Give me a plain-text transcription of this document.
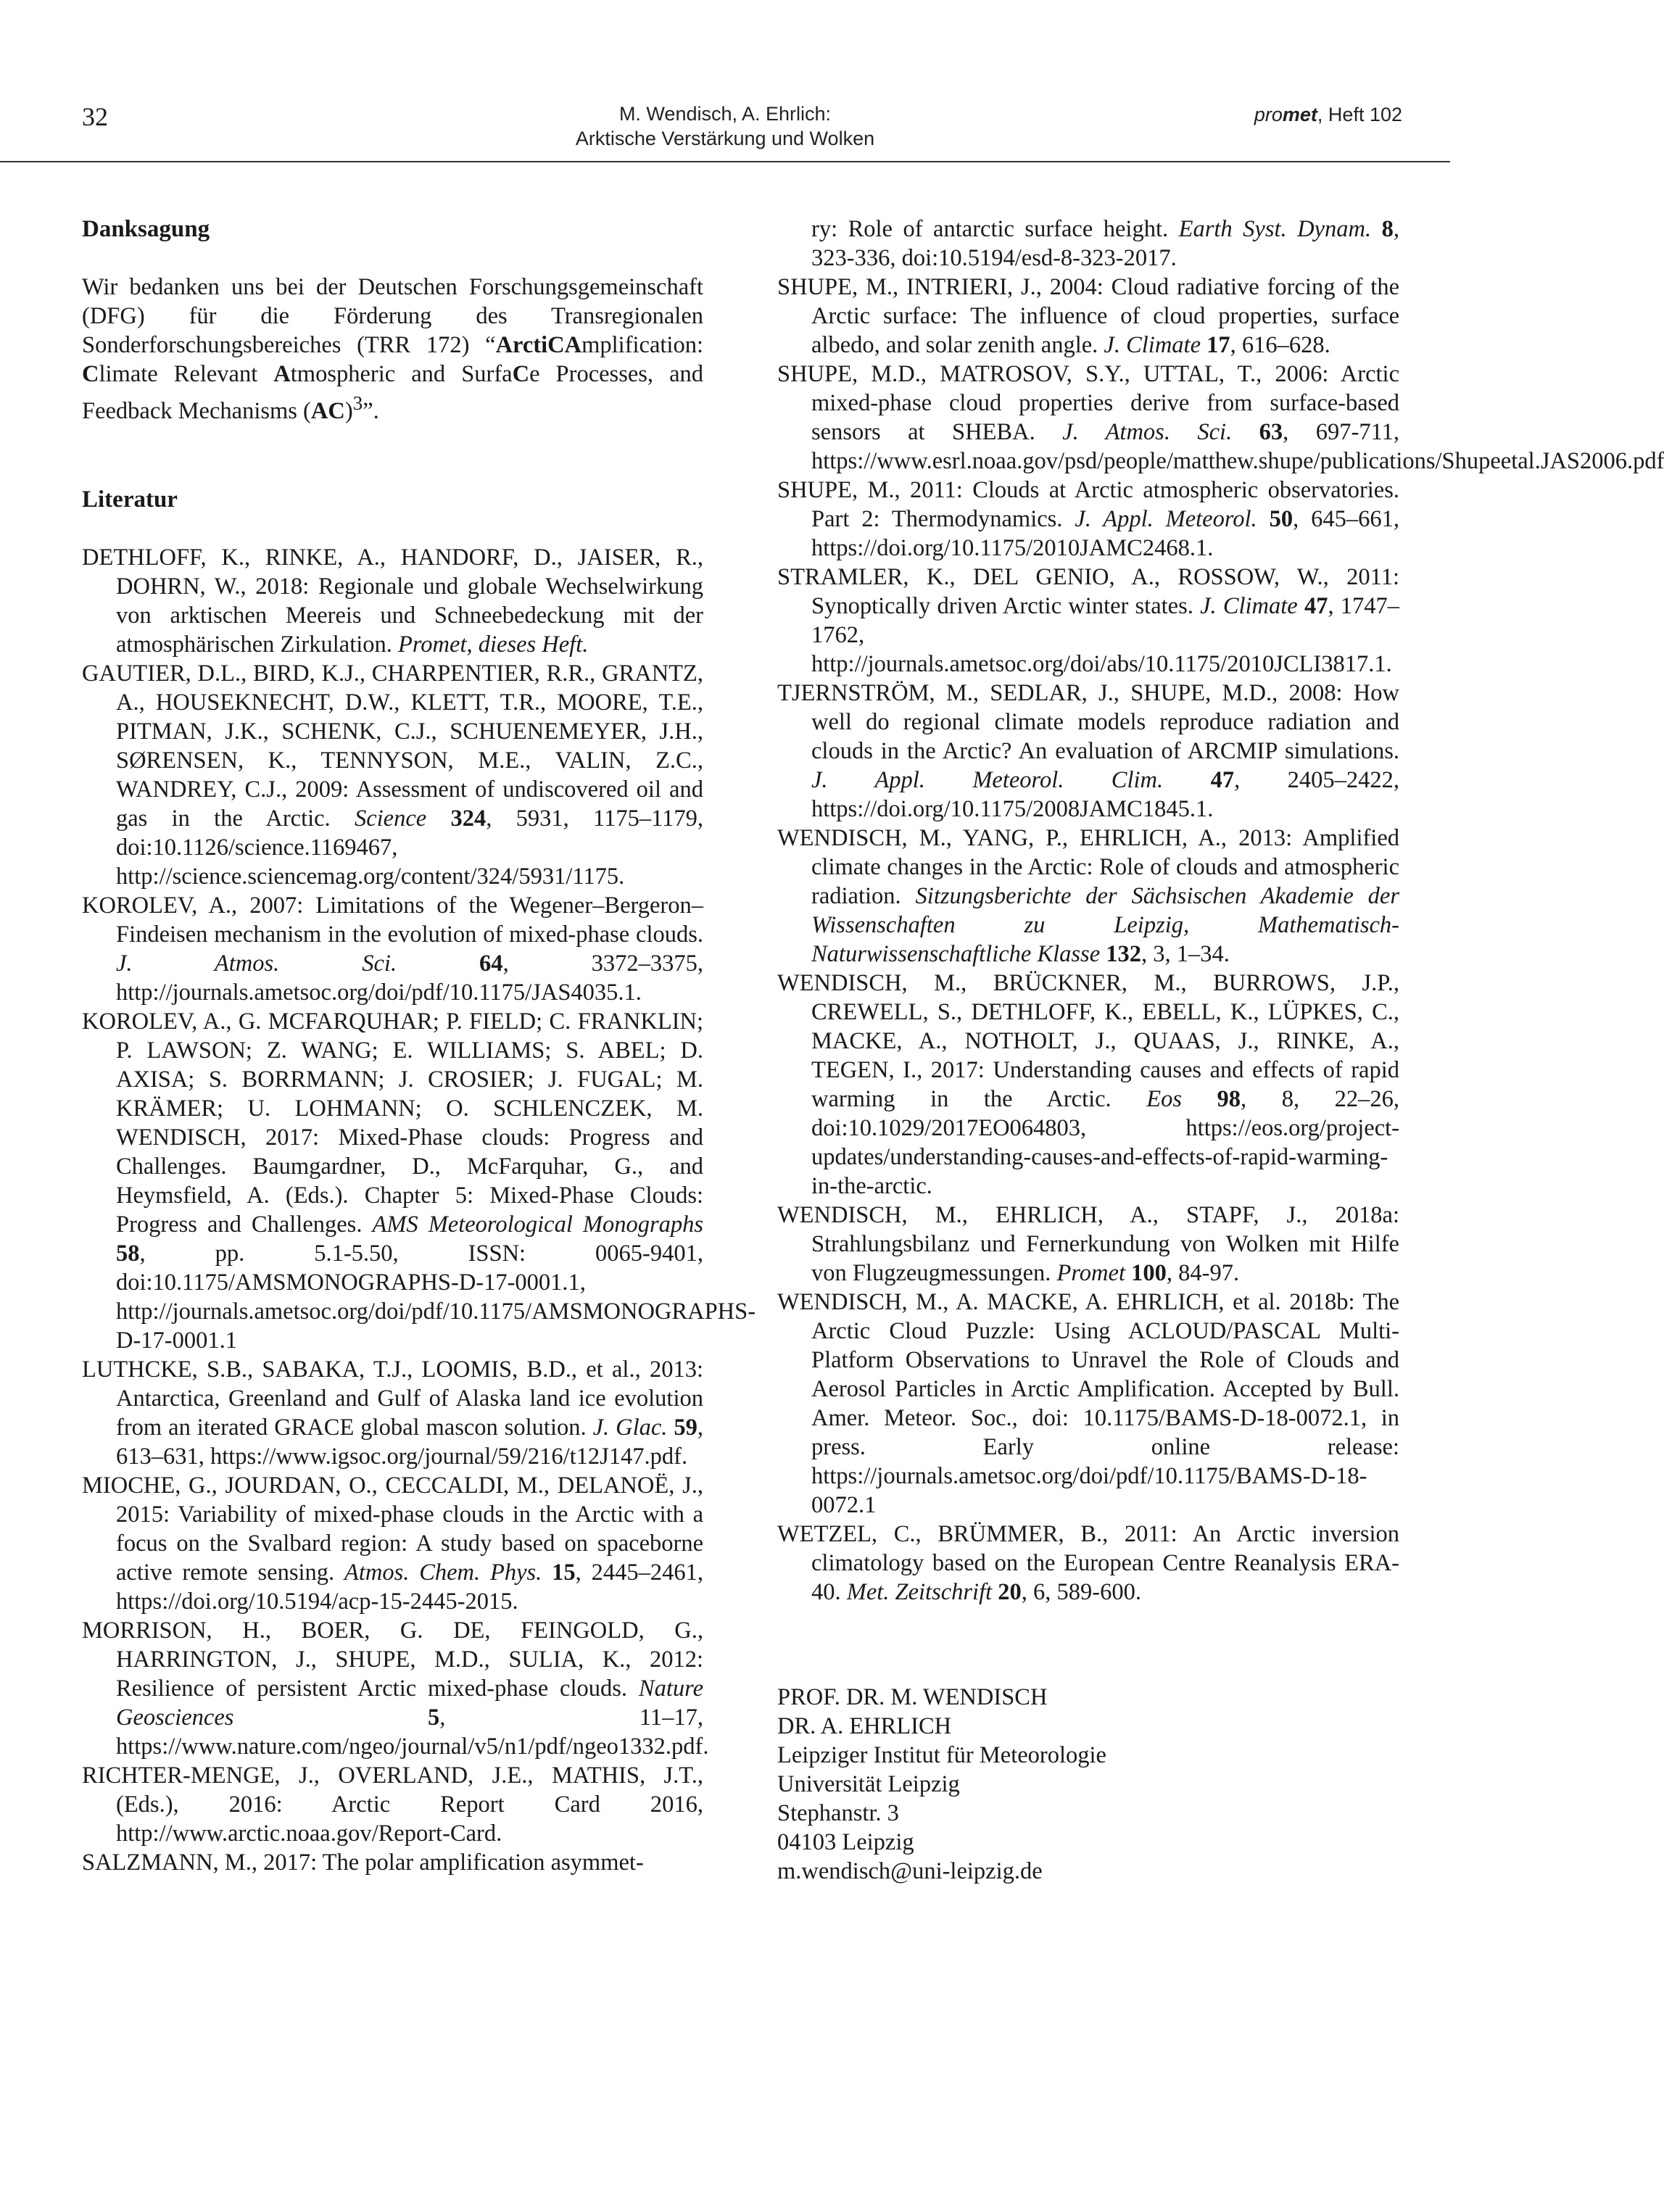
32	M. Wendisch, A. Ehrlich:
Arktische Verstärkung und Wolken
promet, Heft 102
Danksagung

Wir bedanken uns bei der Deutschen Forschungsgemeinschaft (DFG) für die Förderung des Transregionalen Sonderforschungsbereiches (TRR 172) “ArctiCAmplification: Climate Relevant Atmospheric and SurfaCe Processes, and Feedback Mechanisms (AC)$^3$”.

Literatur

DETHLOFF, K., RINKE, A., HANDORF, D., JAISER, R., DOHRN, W., 2018: Regionale und globale Wechselwirkung von arktischen Meereis und Schneebedeckung mit der atmosphärischen Zirkulation. Promet, dieses Heft.

GAUTIER, D.L., BIRD, K.J., CHARPENTIER, R.R., GRANTZ, A., HOUSEKNECHT, D.W., KLETT, T.R., MOORE, T.E., PITMAN, J.K., SCHENK, C.J., SCHUENEMEYER, J.H., SØRENSEN, K., TENNYSON, M.E., VALIN, Z.C., WANDREY, C.J., 2009: Assessment of undiscovered oil and gas in the Arctic. Science 324, 5931, 1175–1179, doi:10.1126/science.1169467, http://science.sciencemag.org/content/324/5931/1175.

KOROLEV, A., 2007: Limitations of the Wegener–Bergeron–Findeisen mechanism in the evolution of mixed-phase clouds. J. Atmos. Sci. 64, 3372–3375, http://journals.ametsoc.org/doi/pdf/10.1175/JAS4035.1.

KOROLEV, A., G. MCFARQUHAR; P. FIELD; C. FRANKLIN; P. LAWSON; Z. WANG; E. WILLIAMS; S. ABEL; D. AXISA; S. BORRMANN; J. CROSIER; J. FUGAL; M. KRÄMER; U. LOHMANN; O. SCHLENCZEK, M. WENDISCH, 2017: Mixed-Phase clouds: Progress and Challenges. Baumgardner, D., McFarquhar, G., and Heymsfield, A. (Eds.). Chapter 5: Mixed-Phase Clouds: Progress and Challenges. AMS Meteorological Monographs 58, pp. 5.1-5.50, ISSN: 0065-9401, doi:10.1175/AMSMONOGRAPHS-D-17-0001.1, http://journals.ametsoc.org/doi/pdf/10.1175/AMSMONOGRAPHS-D-17-0001.1

LUTHCKE, S.B., SABAKA, T.J., LOOMIS, B.D., et al., 2013: Antarctica, Greenland and Gulf of Alaska land ice evolution from an iterated GRACE global mascon solution. J. Glac. 59, 613–631, https://www.igsoc.org/journal/59/216/t12J147.pdf.

MIOCHE, G., JOURDAN, O., CECCALDI, M., DELANOË, J., 2015: Variability of mixed-phase clouds in the Arctic with a focus on the Svalbard region: A study based on spaceborne active remote sensing. Atmos. Chem. Phys. 15, 2445–2461, https://doi.org/10.5194/acp-15-2445-2015.

MORRISON, H., BOER, G. DE, FEINGOLD, G., HARRINGTON, J., SHUPE, M.D., SULIA, K., 2012: Resilience of persistent Arctic mixed-phase clouds. Nature Geosciences 5, 11–17, https://www.nature.com/ngeo/journal/v5/n1/pdf/ngeo1332.pdf.

RICHTER-MENGE, J., OVERLAND, J.E., MATHIS, J.T., (Eds.), 2016: Arctic Report Card 2016, http://www.arctic.noaa.gov/Report-Card.

SALZMANN, M., 2017: The polar amplification asymmet-

ry: Role of antarctic surface height. Earth Syst. Dynam. 8, 323-336, doi:10.5194/esd-8-323-2017.

SHUPE, M., INTRIERI, J., 2004: Cloud radiative forcing of the Arctic surface: The influence of cloud properties, surface albedo, and solar zenith angle. J. Climate 17, 616–628.

SHUPE, M.D., MATROSOV, S.Y., UTTAL, T., 2006: Arctic mixed-phase cloud properties derive from surface-based sensors at SHEBA. J. Atmos. Sci. 63, 697-711, https://www.esrl.noaa.gov/psd/people/matthew.shupe/publications/Shupeetal.JAS2006.pdf

SHUPE, M., 2011: Clouds at Arctic atmospheric observatories. Part 2: Thermodynamics. J. Appl. Meteorol. 50, 645–661, https://doi.org/10.1175/2010JAMC2468.1.

STRAMLER, K., DEL GENIO, A., ROSSOW, W., 2011: Synoptically driven Arctic winter states. J. Climate 47, 1747–1762, http://journals.ametsoc.org/doi/abs/10.1175/2010JCLI3817.1.

TJERNSTRÖM, M., SEDLAR, J., SHUPE, M.D., 2008: How well do regional climate models reproduce radiation and clouds in the Arctic? An evaluation of ARCMIP simulations. J. Appl. Meteorol. Clim. 47, 2405–2422, https://doi.org/10.1175/2008JAMC1845.1.

WENDISCH, M., YANG, P., EHRLICH, A., 2013: Amplified climate changes in the Arctic: Role of clouds and atmospheric radiation. Sitzungsberichte der Sächsischen Akademie der Wissenschaften zu Leipzig, Mathematisch-Naturwissenschaftliche Klasse 132, 3, 1–34.

WENDISCH, M., BRÜCKNER, M., BURROWS, J.P., CREWELL, S., DETHLOFF, K., EBELL, K., LÜPKES, C., MACKE, A., NOTHOLT, J., QUAAS, J., RINKE, A., TEGEN, I., 2017: Understanding causes and effects of rapid warming in the Arctic. Eos 98, 8, 22–26, doi:10.1029/2017EO064803, https://eos.org/project-updates/understanding-causes-and-effects-of-rapid-warming-in-the-arctic.

WENDISCH, M., EHRLICH, A., STAPF, J., 2018a: Strahlungsbilanz und Fernerkundung von Wolken mit Hilfe von Flugzeugmessungen. Promet 100, 84-97.

WENDISCH, M., A. MACKE, A. EHRLICH, et al. 2018b: The Arctic Cloud Puzzle: Using ACLOUD/PASCAL Multi-Platform Observations to Unravel the Role of Clouds and Aerosol Particles in Arctic Amplification. Accepted by Bull. Amer. Meteor. Soc., doi: 10.1175/BAMS-D-18-0072.1, in press. Early online release: https://journals.ametsoc.org/doi/pdf/10.1175/BAMS-D-18-0072.1

WETZEL, C., BRÜMMER, B., 2011: An Arctic inversion climatology based on the European Centre Reanalysis ERA-40. Met. Zeitschrift 20, 6, 589-600.

PROF. DR. M. WENDISCH
DR. A. EHRLICH
Leipziger Institut für Meteorologie
Universität Leipzig
Stephanstr. 3
04103 Leipzig
m.wendisch@uni-leipzig.de
